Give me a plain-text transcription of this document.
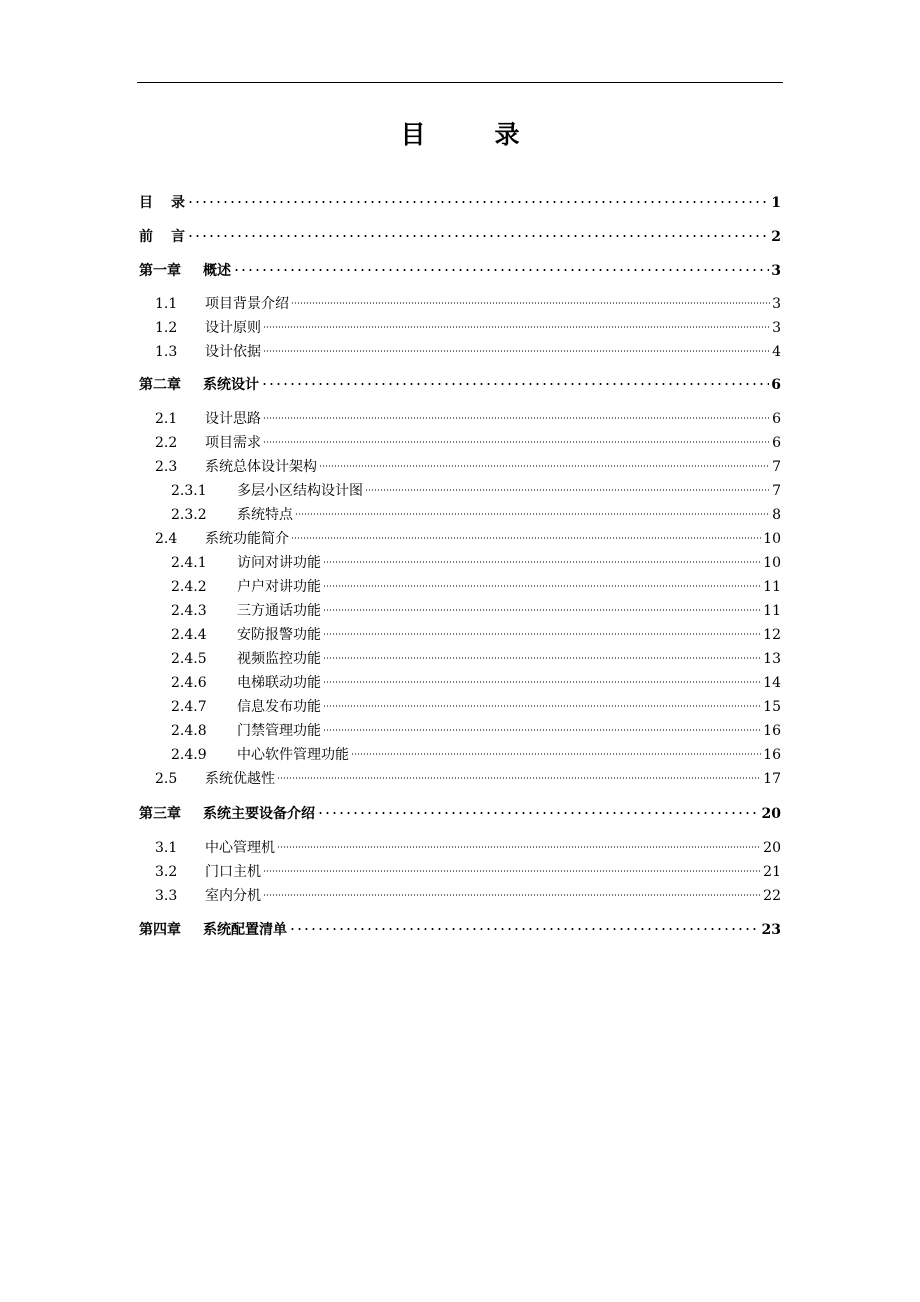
目　录
目	录	1
前	言	2
第一章	概述	3
1.1	项目背景介绍	3
1.2	设计原则	3
1.3	设计依据	4
第二章	系统设计	6
2.1	设计思路	6
2.2	项目需求	6
2.3	系统总体设计架构	7
2.3.1	多层小区结构设计图	7
2.3.2	系统特点	8
2.4	系统功能简介	10
2.4.1	访问对讲功能	10
2.4.2	户户对讲功能	11
2.4.3	三方通话功能	11
2.4.4	安防报警功能	12
2.4.5	视频监控功能	13
2.4.6	电梯联动功能	14
2.4.7	信息发布功能	15
2.4.8	门禁管理功能	16
2.4.9	中心软件管理功能	16
2.5	系统优越性	17
第三章	系统主要设备介绍	20
3.1	中心管理机	20
3.2	门口主机	21
3.3	室内分机	22
第四章	系统配置清单	23
